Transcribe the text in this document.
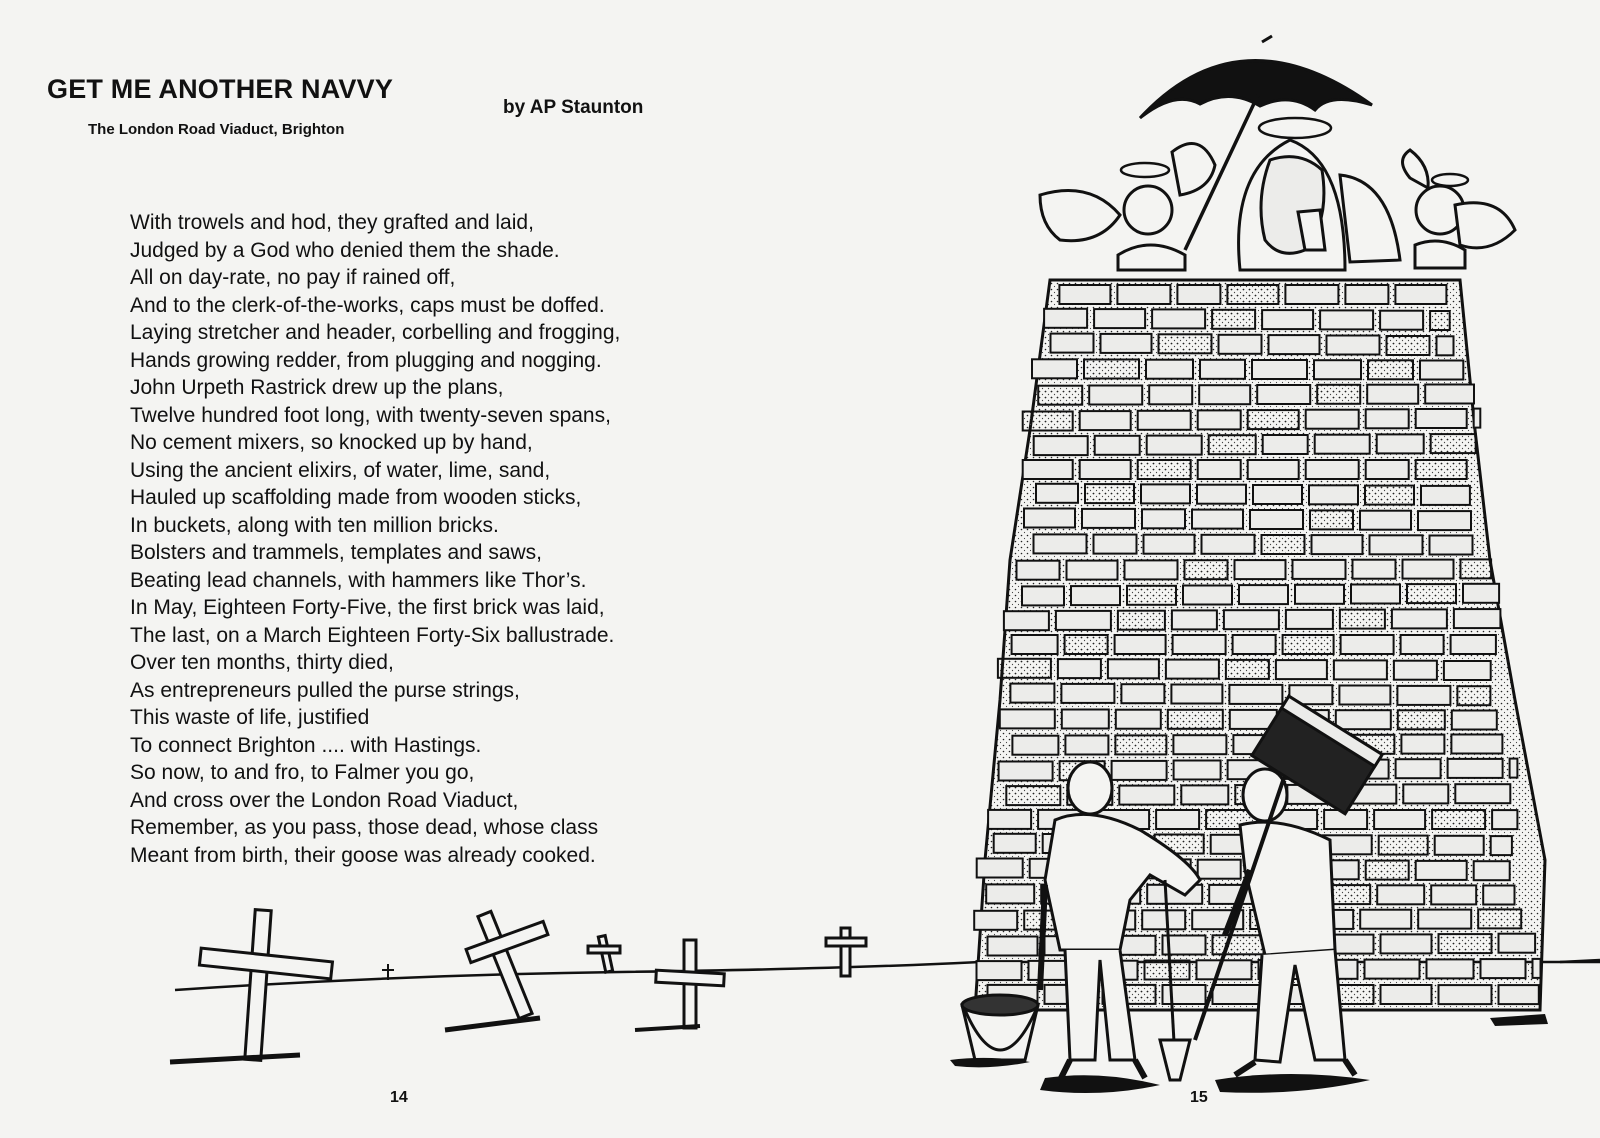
GET ME ANOTHER NAVVY
The London Road Viaduct, Brighton
by AP Staunton
With trowels and hod, they grafted and laid,
Judged by a God who denied them the shade.
All on day-rate, no pay if rained off,
And to the clerk-of-the-works, caps must be doffed.
Laying stretcher and header, corbelling and frogging,
Hands growing redder, from plugging and nogging.
John Urpeth Rastrick drew up the plans,
Twelve hundred foot long, with twenty-seven spans,
No cement mixers, so knocked up by hand,
Using the ancient elixirs, of water, lime, sand,
Hauled up scaffolding made from wooden sticks,
In buckets, along with ten million bricks.
Bolsters and trammels, templates and saws,
Beating lead channels, with hammers like Thor’s.
In May, Eighteen Forty-Five, the first brick was laid,
The last, on a March Eighteen Forty-Six ballustrade.
Over ten months, thirty died,
As entrepreneurs pulled the purse strings,
This waste of life, justified
To connect Brighton .... with Hastings.
So now, to and fro, to Falmer you go,
And cross over the London Road Viaduct,
Remember, as you pass, those dead, whose class
Meant from birth, their goose was already cooked.
14	15
